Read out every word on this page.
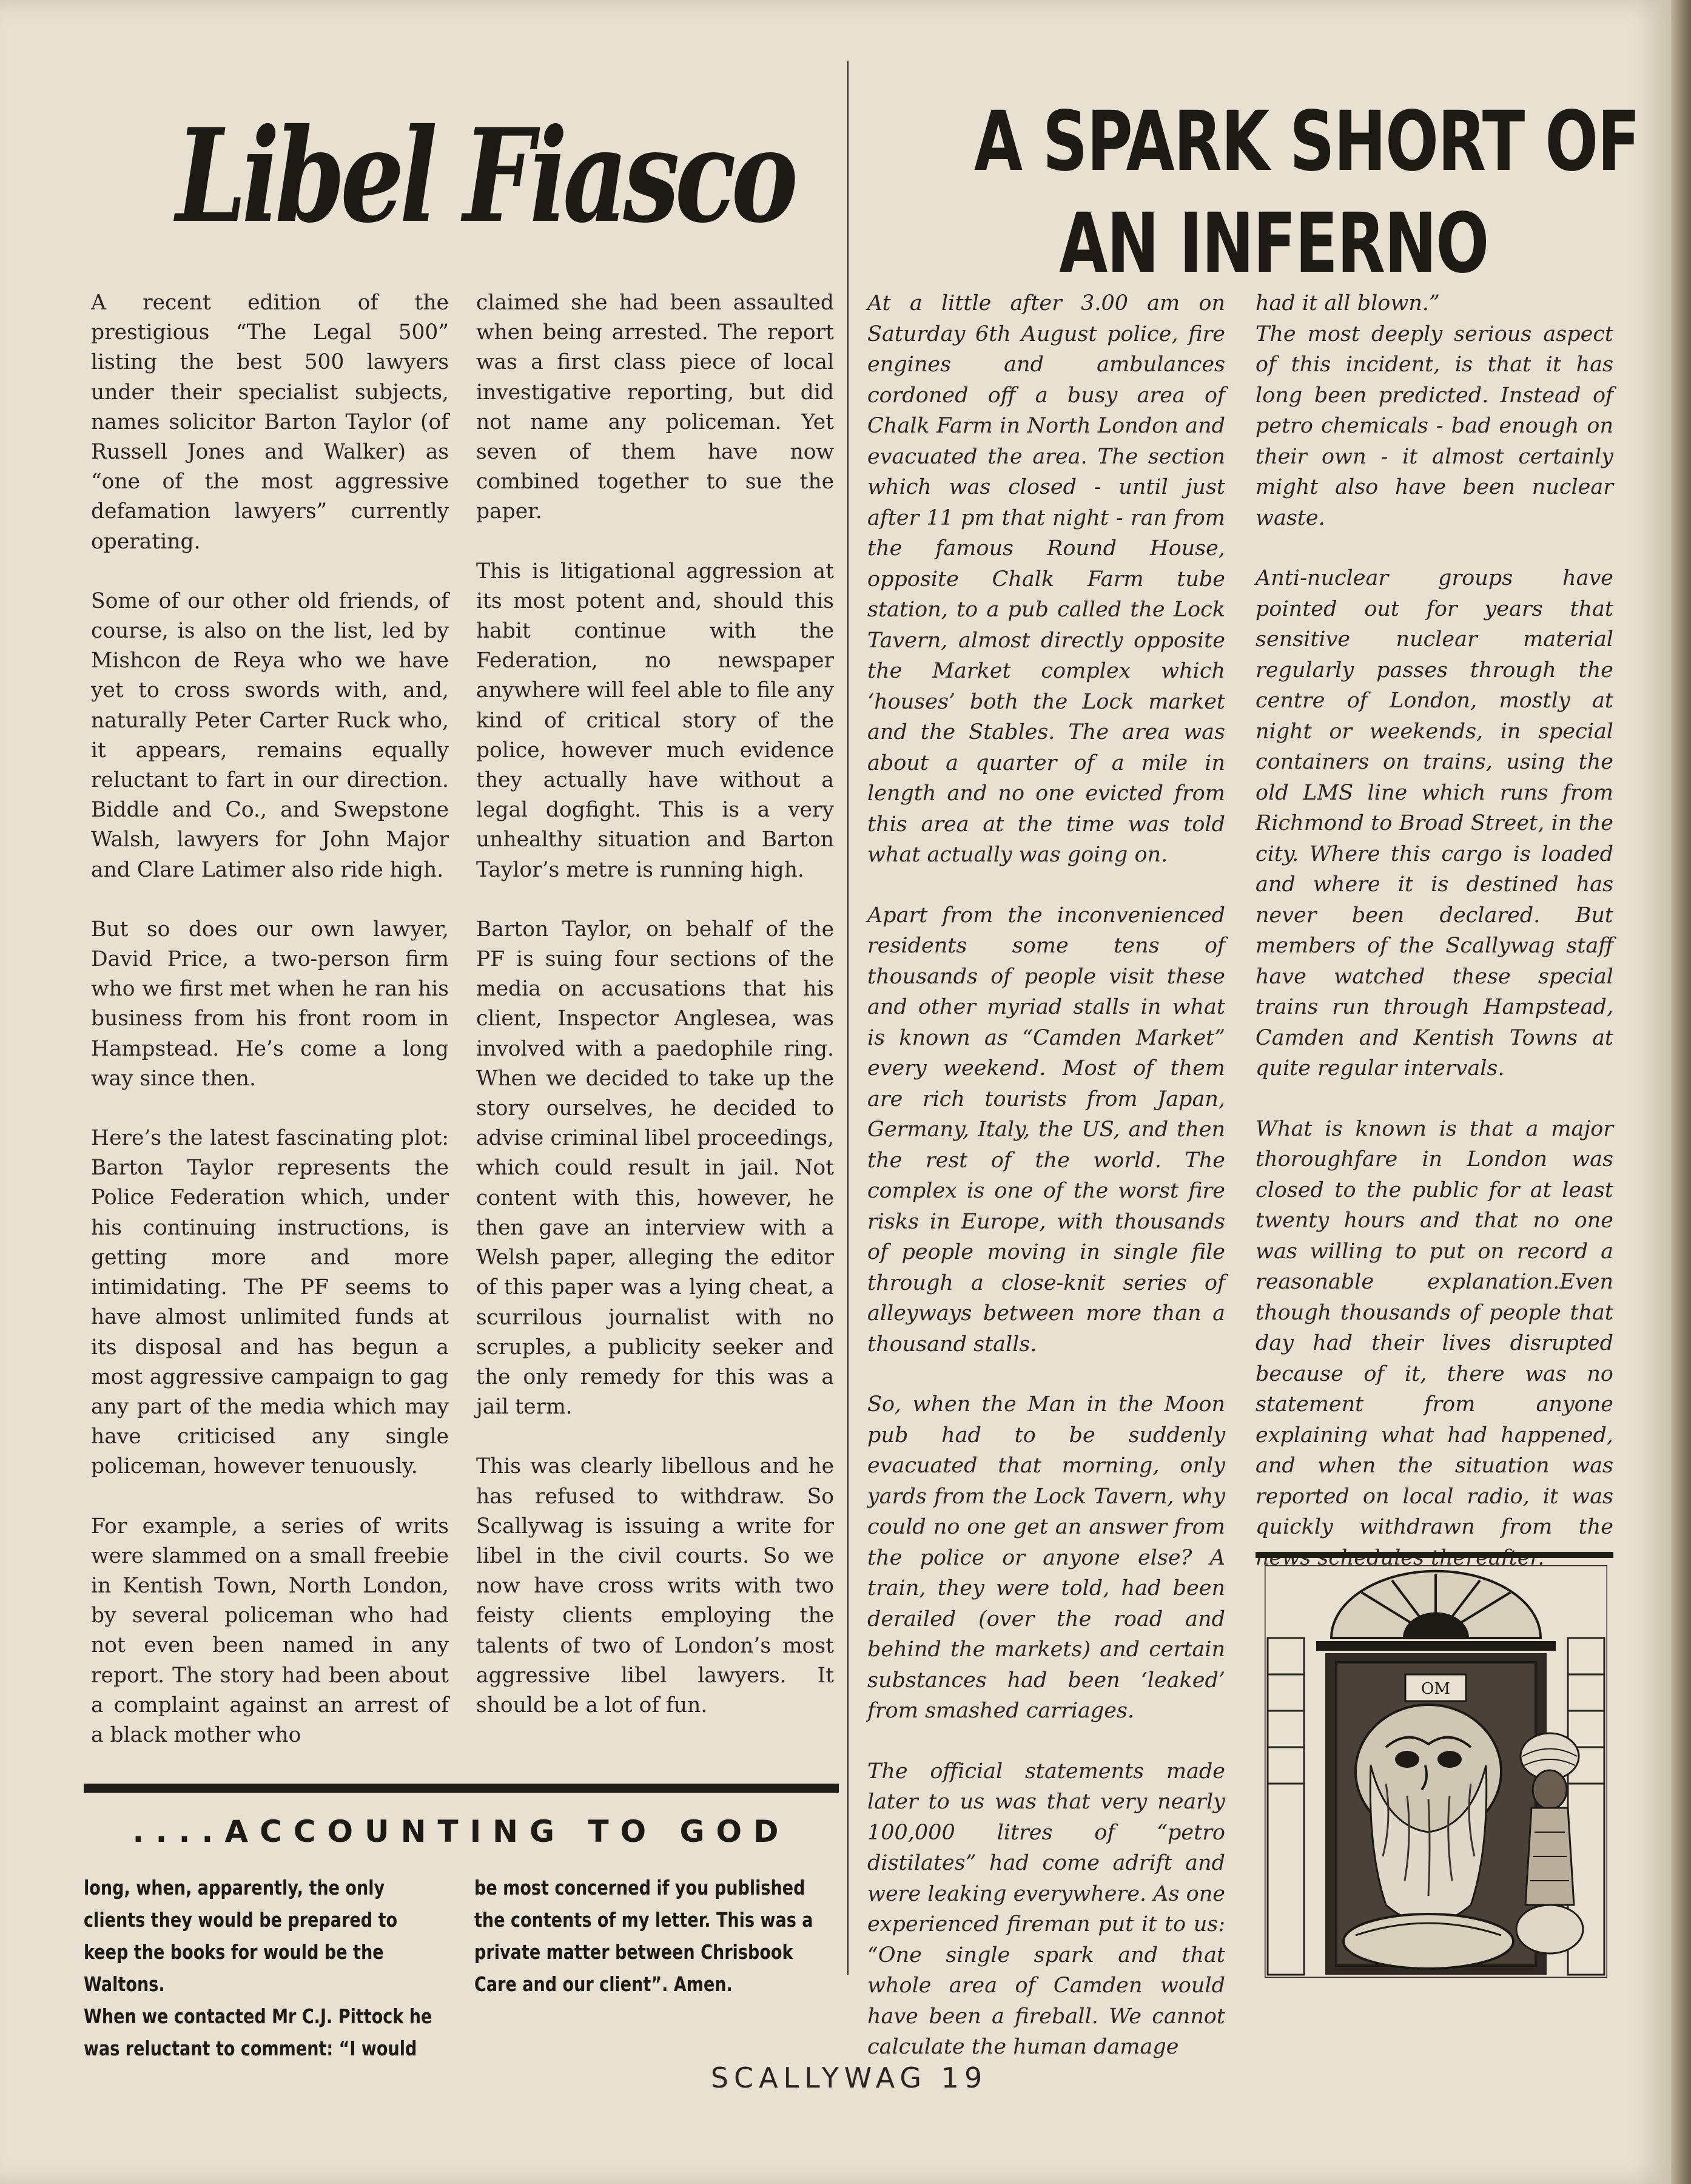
Libel Fiasco

A recent edition of the prestigious “The Legal 500” listing the best 500 lawyers under their specialist subjects, names solicitor Barton Taylor (of Russell Jones and Walker) as “one of the most aggressive defamation lawyers” currently operating.

Some of our other old friends, of course, is also on the list, led by Mishcon de Reya who we have yet to cross swords with, and, naturally Peter Carter Ruck who, it appears, remains equally reluctant to fart in our direction. Biddle and Co., and Swepstone Walsh, lawyers for John Major and Clare Latimer also ride high.

But so does our own lawyer, David Price, a two-person firm who we first met when he ran his business from his front room in Hampstead. He’s come a long way since then.

Here’s the latest fascinating plot: Barton Taylor represents the Police Federation which, under his continuing instructions, is getting more and more intimidating. The PF seems to have almost unlimited funds at its disposal and has begun a most aggressive campaign to gag any part of the media which may have criticised any single policeman, however tenuously.

For example, a series of writs were slammed on a small freebie in Kentish Town, North London, by several policeman who had not even been named in any report. The story had been about a complaint against an arrest of a black mother who

claimed she had been assaulted when being arrested. The report was a first class piece of local investigative reporting, but did not name any policeman. Yet seven of them have now combined together to sue the paper.

This is litigational aggression at its most potent and, should this habit continue with the Federation, no newspaper anywhere will feel able to file any kind of critical story of the police, however much evidence they actually have without a legal dogfight. This is a very unhealthy situation and Barton Taylor’s metre is running high.

Barton Taylor, on behalf of the PF is suing four sections of the media on accusations that his client, Inspector Anglesea, was involved with a paedophile ring. When we decided to take up the story ourselves, he decided to advise criminal libel proceedings, which could result in jail. Not content with this, however, he then gave an interview with a Welsh paper, alleging the editor of this paper was a lying cheat, a scurrilous journalist with no scruples, a publicity seeker and the only remedy for this was a jail term.

This was clearly libellous and he has refused to withdraw. So Scallywag is issuing a write for libel in the civil courts. So we now have cross writs with two feisty clients employing the talents of two of London’s most aggressive libel lawyers. It should be a lot of fun.

....ACCOUNTING TO GOD

long, when, apparently, the only clients they would be prepared to keep the books for would be the Waltons.

When we contacted Mr C.J. Pittock he was reluctant to comment: “I would

be most concerned if you published the contents of my letter. This was a private matter between Chrisbook Care and our client”. Amen.

A SPARK SHORT OF
AN INFERNO

At a little after 3.00 am on Saturday 6th August police, fire engines and ambulances cordoned off a busy area of Chalk Farm in North London and evacuated the area. The section which was closed - until just after 11 pm that night - ran from the famous Round House, opposite Chalk Farm tube station, to a pub called the Lock Tavern, almost directly opposite the Market complex which ‘houses’ both the Lock market and the Stables. The area was about a quarter of a mile in length and no one evicted from this area at the time was told what actually was going on.

Apart from the inconvenienced residents some tens of thousands of people visit these and other myriad stalls in what is known as “Camden Market” every weekend. Most of them are rich tourists from Japan, Germany, Italy, the US, and then the rest of the world. The complex is one of the worst fire risks in Europe, with thousands of people moving in single file through a close-knit series of alleyways between more than a thousand stalls.

So, when the Man in the Moon pub had to be suddenly evacuated that morning, only yards from the Lock Tavern, why could no one get an answer from the police or anyone else? A train, they were told, had been derailed (over the road and behind the markets) and certain substances had been ‘leaked’ from smashed carriages.

The official statements made later to us was that very nearly 100,000 litres of “petro distilates” had come adrift and were leaking everywhere. As one experienced fireman put it to us: “One single spark and that whole area of Camden would have been a fireball. We cannot calculate the human damage

had it all blown.”

The most deeply serious aspect of this incident, is that it has long been predicted. Instead of petro chemicals - bad enough on their own - it almost certainly might also have been nuclear waste.

Anti-nuclear groups have pointed out for years that sensitive nuclear material regularly passes through the centre of London, mostly at night or weekends, in special containers on trains, using the old LMS line which runs from Richmond to Broad Street, in the city. Where this cargo is loaded and where it is destined has never been declared. But members of the Scallywag staff have watched these special trains run through Hampstead, Camden and Kentish Towns at quite regular intervals.

What is known is that a major thoroughfare in London was closed to the public for at least twenty hours and that no one was willing to put on record a reasonable explanation.Even though thousands of people that day had their lives disrupted because of it, there was no statement from anyone explaining what had happened, and when the situation was reported on local radio, it was quickly withdrawn from the

OM
SCALLYWAG 19
